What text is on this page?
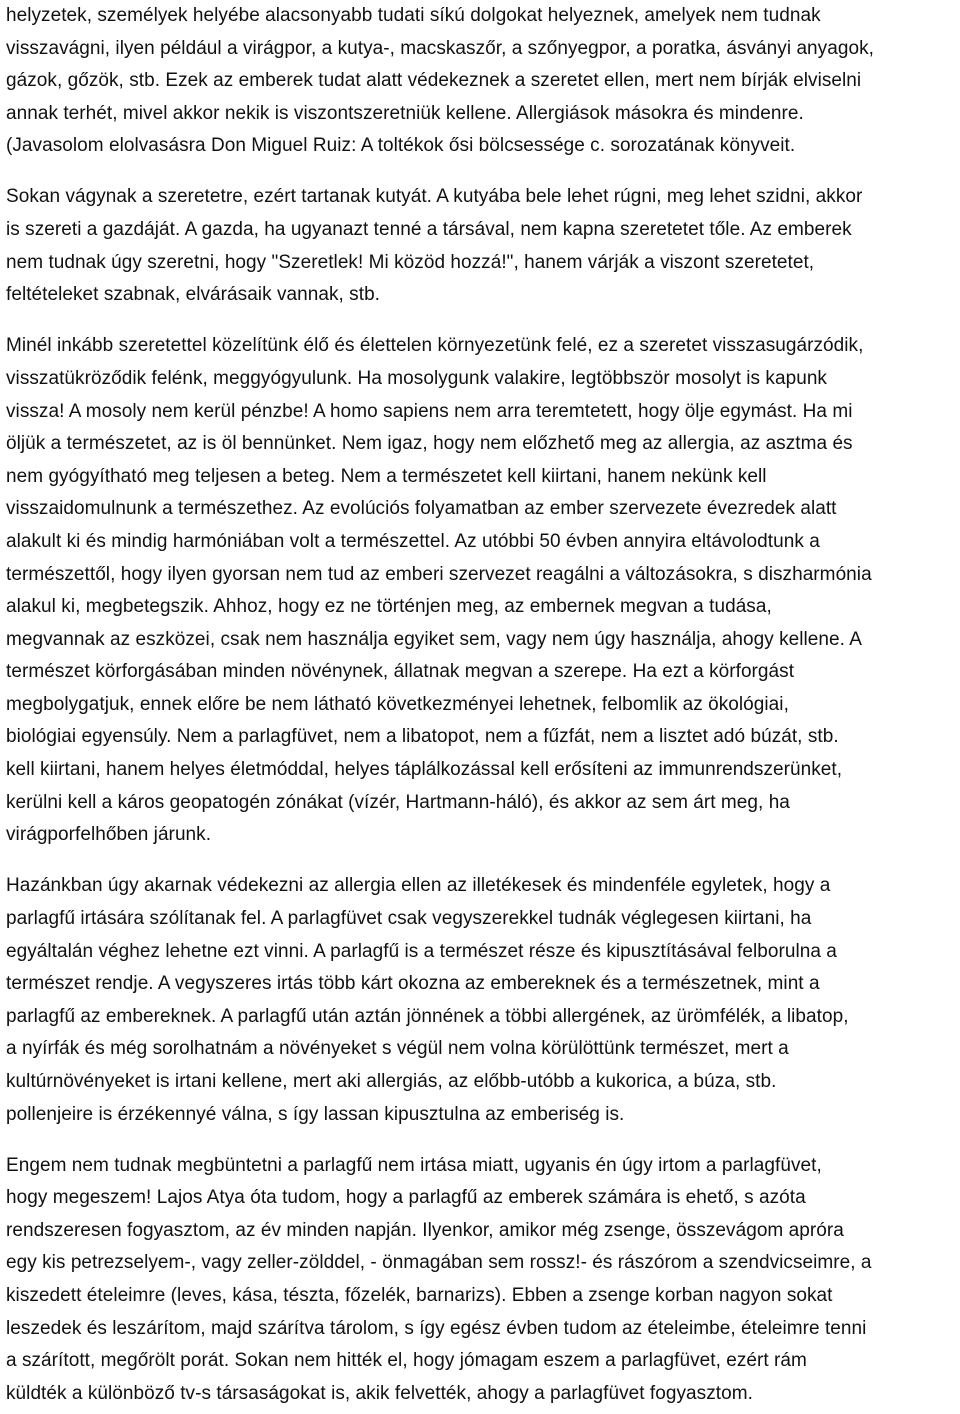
helyzetek, személyek helyébe alacsonyabb tudati síkú dolgokat helyeznek, amelyek nem tudnak
visszavágni, ilyen például a virágpor, a kutya-, macskaszőr, a szőnyegpor, a poratka, ásványi anyagok,
gázok, gőzök, stb. Ezek az emberek tudat alatt védekeznek a szeretet ellen, mert nem bírják elviselni
annak terhét, mivel akkor nekik is viszontszeretniük kellene. Allergiások másokra és mindenre.
(Javasolom elolvasásra Don Miguel Ruiz: A toltékok ősi bölcsessége c. sorozatának könyveit.
Sokan vágynak a szeretetre, ezért tartanak kutyát. A kutyába bele lehet rúgni, meg lehet szidni, akkor
is szereti a gazdáját. A gazda, ha ugyanazt tenné a társával, nem kapna szeretetet tőle. Az emberek
nem tudnak úgy szeretni, hogy "Szeretlek! Mi közöd hozzá!", hanem várják a viszont szeretetet,
feltételeket szabnak, elvárásaik vannak, stb.
Minél inkább szeretettel közelítünk élő és élettelen környezetünk felé, ez a szeretet visszasugárzódik,
visszatükröződik felénk, meggyógyulunk. Ha mosolygunk valakire, legtöbbször mosolyt is kapunk
vissza! A mosoly nem kerül pénzbe! A homo sapiens nem arra teremtetett, hogy ölje egymást. Ha mi
öljük a természetet, az is öl bennünket. Nem igaz, hogy nem előzhető meg az allergia, az asztma és
nem gyógyítható meg teljesen a beteg. Nem a természetet kell kiirtani, hanem nekünk kell
visszaidomulnunk a természethez. Az evolúciós folyamatban az ember szervezete évezredek alatt
alakult ki és mindig harmóniában volt a természettel. Az utóbbi 50 évben annyira eltávolodtunk a
természettől, hogy ilyen gyorsan nem tud az emberi szervezet reagálni a változásokra, s diszharmónia
alakul ki, megbetegszik. Ahhoz, hogy ez ne történjen meg, az embernek megvan a tudása,
megvannak az eszközei, csak nem használja egyiket sem, vagy nem úgy használja, ahogy kellene. A
természet körforgásában minden növénynek, állatnak megvan a szerepe. Ha ezt a körforgást
megbolygatjuk, ennek előre be nem látható következményei lehetnek, felbomlik az ökológiai,
biológiai egyensúly. Nem a parlagfüvet, nem a libatopot, nem a fűzfát, nem a lisztet adó búzát, stb.
kell kiirtani, hanem helyes életmóddal, helyes táplálkozással kell erősíteni az immunrendszerünket,
kerülni kell a káros geopatogén zónákat (vízér, Hartmann-háló), és akkor az sem árt meg, ha
virágporfelhőben járunk.
Hazánkban úgy akarnak védekezni az allergia ellen az illetékesek és mindenféle egyletek, hogy a
parlagfű irtására szólítanak fel. A parlagfüvet csak vegyszerekkel tudnák véglegesen kiirtani, ha
egyáltalán véghez lehetne ezt vinni. A parlagfű is a természet része és kipusztításával felborulna a
természet rendje. A vegyszeres irtás több kárt okozna az embereknek és a természetnek, mint a
parlagfű az embereknek. A parlagfű után aztán jönnének a többi allergének, az ürömfélék, a libatop,
a nyírfák és még sorolhatnám a növényeket s végül nem volna körülöttünk természet, mert a
kultúrnövényeket is irtani kellene, mert aki allergiás, az előbb-utóbb a kukorica, a búza, stb.
pollenjeire is érzékennyé válna, s így lassan kipusztulna az emberiség is.
Engem nem tudnak megbüntetni a parlagfű nem irtása miatt, ugyanis én úgy irtom a parlagfüvet,
hogy megeszem! Lajos Atya óta tudom, hogy a parlagfű az emberek számára is ehető, s azóta
rendszeresen fogyasztom, az év minden napján. Ilyenkor, amikor még zsenge, összevágom apróra
egy kis petrezselyem-, vagy zeller-zölddel, - önmagában sem rossz!- és rászórom a szendvicseimre, a
kiszedett ételeimre (leves, kása, tészta, főzelék, barnarizs). Ebben a zsenge korban nagyon sokat
leszedek és leszárítom, majd szárítva tárolom, s így egész évben tudom az ételeimbe, ételeimre tenni
a szárított, megőrölt porát. Sokan nem hitték el, hogy jómagam eszem a parlagfüvet, ezért rám
küldték a különböző tv-s társaságokat is, akik felvették, ahogy a parlagfüvet fogyasztom.
